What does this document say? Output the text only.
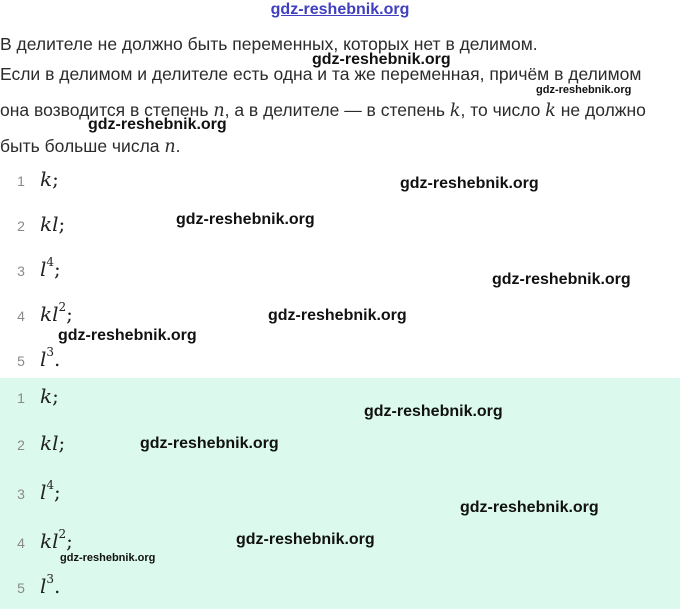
gdz-reshebnik.org

В делителе не должно быть переменных, которых нет в делимом.

Если в делимом и делителе есть одна и та же переменная, причём в делимом

она возводится в степень n, а в делителе — в степень k, то число k не должно

быть больше числа n.

1 k;
2 kl;
3 $l^4$;
4 $kl^2$;
5 $l^3$.
1 k;
2 kl;
3 $l^4$;
4 $kl^2$;
5 $l^3$.
gdz-reshebnik.org
gdz-reshebnik.org
gdz-reshebnik.org
gdz-reshebnik.org
gdz-reshebnik.org
gdz-reshebnik.org
gdz-reshebnik.org
gdz-reshebnik.org
gdz-reshebnik.org
gdz-reshebnik.org
gdz-reshebnik.org
gdz-reshebnik.org
gdz-reshebnik.org
